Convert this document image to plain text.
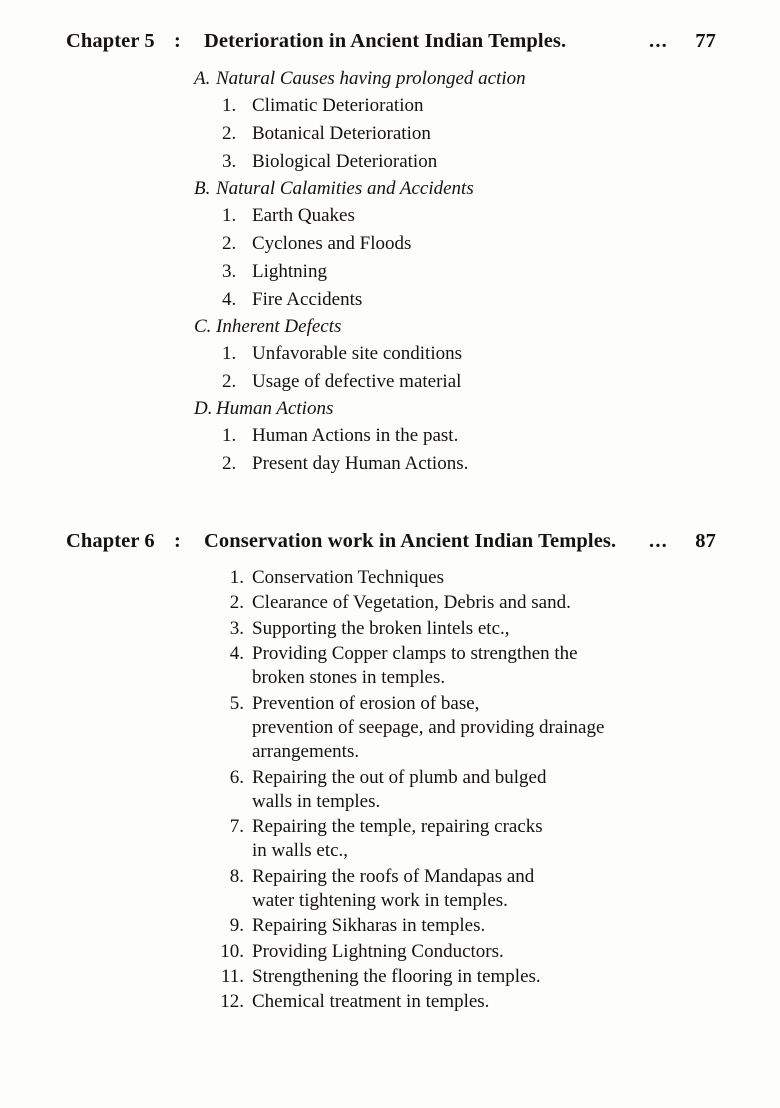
Chapter 5 :	Deterioration in Ancient Indian Temples.	...	77
A. Natural Causes having prolonged action
1. Climatic Deterioration
2. Botanical Deterioration
3. Biological Deterioration
B. Natural Calamities and Accidents
1. Earth Quakes
2. Cyclones and Floods
3. Lightning
4. Fire Accidents
C. Inherent Defects
1. Unfavorable site conditions
2. Usage of defective material
D. Human Actions
1. Human Actions in the past.
2. Present day Human Actions.
Chapter 6 :	Conservation work in Ancient Indian Temples.	...	87
1. Conservation Techniques
2. Clearance of Vegetation, Debris and sand.
3. Supporting the broken lintels etc.,
4. Providing Copper clamps to strengthen the
broken stones in temples.
5. Prevention of erosion of base,
prevention of seepage, and providing drainage
arrangements.
6. Repairing the out of plumb and bulged
walls in temples.
7. Repairing the temple, repairing cracks
in walls etc.,
8. Repairing the roofs of Mandapas and
water tightening work in temples.
9. Repairing Sikharas in temples.
10. Providing Lightning Conductors.
11. Strengthening the flooring in temples.
12. Chemical treatment in temples.
